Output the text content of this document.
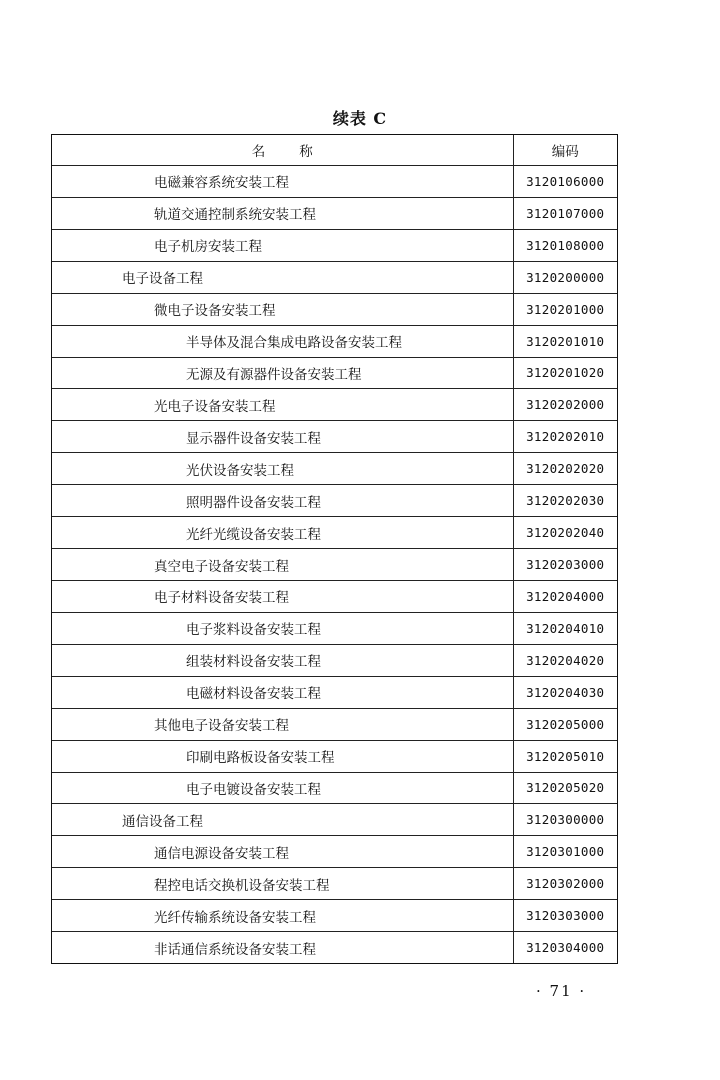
续表 C
名称	编码
电磁兼容系统安装工程	3120106000
轨道交通控制系统安装工程	3120107000
电子机房安装工程	3120108000
电子设备工程	3120200000
微电子设备安装工程	3120201000
半导体及混合集成电路设备安装工程	3120201010
无源及有源器件设备安装工程	3120201020
光电子设备安装工程	3120202000
显示器件设备安装工程	3120202010
光伏设备安装工程	3120202020
照明器件设备安装工程	3120202030
光纤光缆设备安装工程	3120202040
真空电子设备安装工程	3120203000
电子材料设备安装工程	3120204000
电子浆料设备安装工程	3120204010
组装材料设备安装工程	3120204020
电磁材料设备安装工程	3120204030
其他电子设备安装工程	3120205000
印刷电路板设备安装工程	3120205010
电子电镀设备安装工程	3120205020
通信设备工程	3120300000
通信电源设备安装工程	3120301000
程控电话交换机设备安装工程	3120302000
光纤传输系统设备安装工程	3120303000
非话通信系统设备安装工程	3120304000
· 71 ·
